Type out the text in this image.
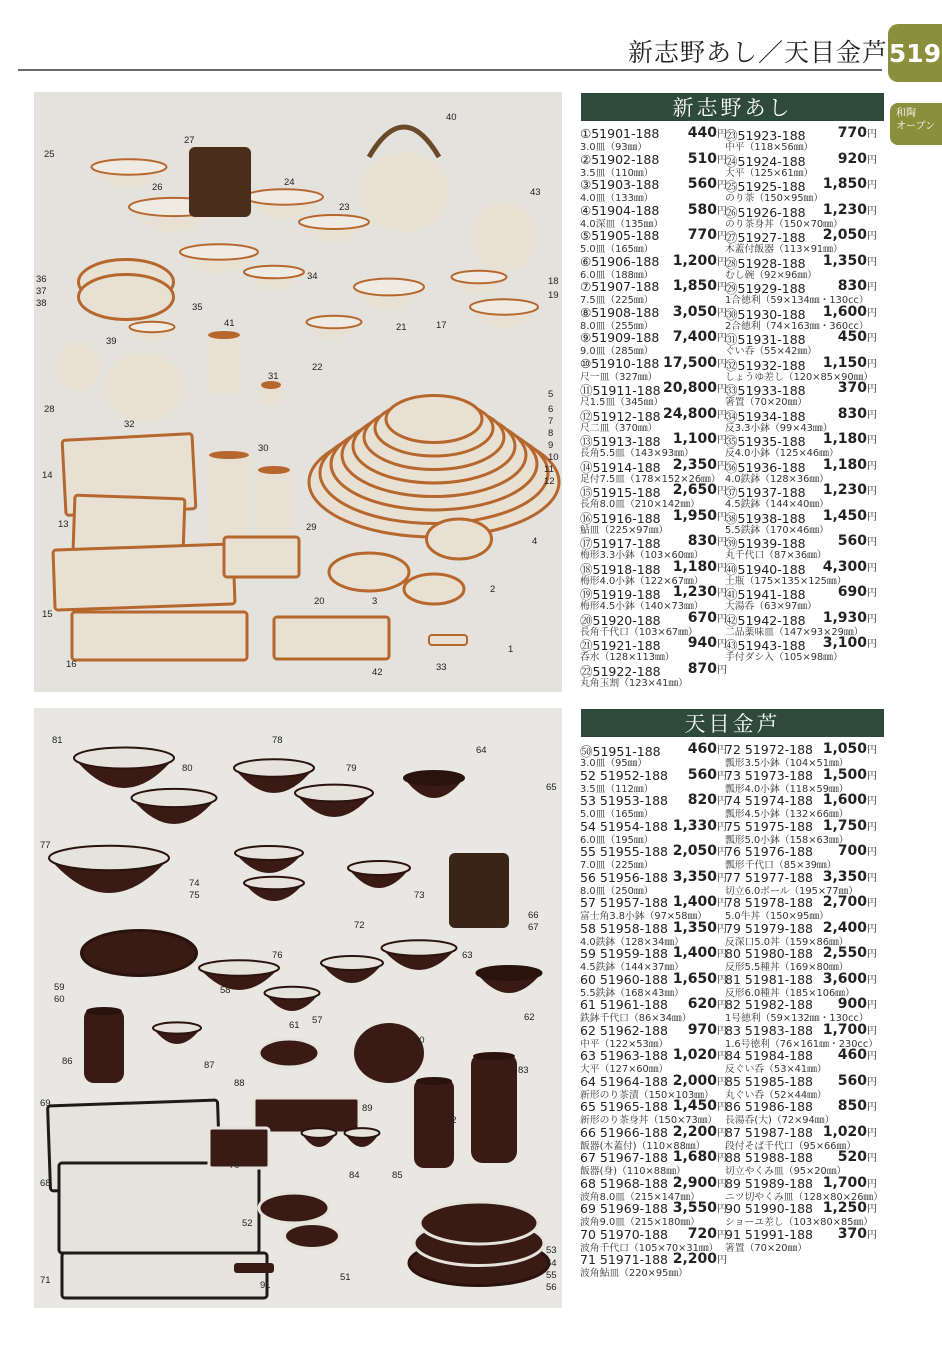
新志野あし／天目金芦 519
和陶
オーブン
1
2
3
4
5
6
7
8
9
10
11
12
13
14
15
16
17
18
19
20
21
22
23
24
25
26
27
28
29
30
31
32
33
34
35
36
37
38
39
40
41
42
43
51
52
53
54
55
56
57
58
59
60
61
62
63
64
65
66
67
68
69
70
71
72
73
74
75
76
77
78
79
80
81
82
83
84	85
86	87
88
89
90
91
新志野あし
天目金芦
①51901-188 440円
3.0皿（93㎜）
②51902-188 510円
3.5皿（110㎜）
③51903-188 560円
4.0皿（133㎜）
④51904-188 580円
4.0深皿（135㎜）
⑤51905-188 770円
5.0皿（165㎜）
⑥51906-188 1,200円
6.0皿（188㎜）
⑦51907-188 1,850円
7.5皿（225㎜）
⑧51908-188 3,050円
8.0皿（255㎜）
⑨51909-188 7,400円
9.0皿（285㎜）
⑩51910-188 17,500円
尺一皿（327㎜）
⑪51911-188 20,800円
尺1.5皿（345㎜）
⑫51912-188 24,800円
尺二皿（370㎜）
⑬51913-188 1,100円
長角5.5皿（143×93㎜）
⑭51914-188 2,350円
足付7.5皿（178×152×26㎜）
⑮51915-188 2,650円
長角8.0皿（210×142㎜）
⑯51916-188 1,950円
鮎皿（225×97㎜）
⑰51917-188 830円
梅形3.3小鉢（103×60㎜）
⑱51918-188 1,180円
梅形4.0小鉢（122×67㎜）
⑲51919-188 1,230円
梅形4.5小鉢（140×73㎜）
⑳51920-188 670円
長角千代口（103×67㎜）
㉑51921-188 940円
呑水（128×113㎜）
㉒51922-188 870円
丸角玉割（123×41㎜）
㉓51923-188 770円
中平（118×56㎜）
㉔51924-188 920円
大平（125×61㎜）
㉕51925-188 1,850円
のり茶（150×95㎜）
㉖51926-188 1,230円
のり茶身丼（150×70㎜）
㉗51927-188 2,050円
木蓋付飯器（113×91㎜）
㉘51928-188 1,350円
むし碗（92×96㎜）
㉙51929-188 830円
1合徳利（59×134㎜・130cc）
㉚51930-188 1,600円
2合徳利（74×163㎜・360cc）
㉛51931-188 450円
ぐい呑（55×42㎜）
㉜51932-188 1,150円
しょうゆ差し（120×85×90㎜）
㉝51933-188 370円
箸置（70×20㎜）
㉞51934-188 830円
反3.3小鉢（99×43㎜）
㉟51935-188 1,180円
反4.0小鉢（125×46㎜）
㊱51936-188 1,180円
4.0鉄鉢（128×36㎜）
㊲51937-188 1,230円
4.5鉄鉢（144×40㎜）
㊳51938-188 1,450円
5.5鉄鉢（170×46㎜）
㊴51939-188 560円
丸千代口（87×36㎜）
㊵51940-188 4,300円
土瓶（175×135×125㎜）
㊶51941-188 690円
大湯呑（63×97㎜）
㊷51942-188 1,930円
二品薬味皿（147×93×29㎜）
㊸51943-188 3,100円
手付ダシ入（105×98㎜）
㊿51951-188 460円
3.0皿（95㎜）
52 51952-188 560円
3.5皿（112㎜）
53 51953-188 820円
5.0皿（165㎜）
54 51954-188 1,330円
6.0皿（195㎜）
55 51955-188 2,050円
7.0皿（225㎜）
56 51956-188 3,350円
8.0皿（250㎜）
57 51957-188 1,400円
富士角3.8小鉢（97×58㎜）
58 51958-188 1,350円
4.0鉄鉢（128×34㎜）
59 51959-188 1,400円
4.5鉄鉢（144×37㎜）
60 51960-188 1,650円
5.5鉄鉢（168×43㎜）
61 51961-188 620円
鉄鉢千代口（86×34㎜）
62 51962-188 970円
中平（122×53㎜）
63 51963-188 1,020円
大平（127×60㎜）
64 51964-188 2,000円
新形のり茶漬（150×103㎜）
65 51965-188 1,450円
新形のり茶身丼（150×73㎜）
66 51966-188 2,200円
飯器(木蓋付)（110×88㎜）
67 51967-188 1,680円
飯器(身)（110×88㎜）
68 51968-188 2,900円
波角8.0皿（215×147㎜）
69 51969-188 3,550円
波角9.0皿（215×180㎜）
70 51970-188 720円
波角千代口（105×70×31㎜）
71 51971-188 2,200円
波角鮎皿（220×95㎜）
72 51972-188 1,050円
瓢形3.5小鉢（104×51㎜）
73 51973-188 1,500円
瓢形4.0小鉢（118×59㎜）
74 51974-188 1,600円
瓢形4.5小鉢（132×66㎜）
75 51975-188 1,750円
瓢形5.0小鉢（158×63㎜）
76 51976-188 700円
瓢形千代口（85×39㎜）
77 51977-188 3,350円
切立6.0ボール（195×77㎜）
78 51978-188 2,700円
5.0牛丼（150×95㎜）
79 51979-188 2,400円
反深口5.0丼（159×86㎜）
80 51980-188 2,550円
反形5.5種丼（169×80㎜）
81 51981-188 3,600円
反形6.0種丼（185×106㎜）
82 51982-188 900円
1号徳利（59×132㎜・130cc）
83 51983-188 1,700円
1.6号徳利（76×161㎜・230cc）
84 51984-188 460円
反ぐい呑（53×41㎜）
85 51985-188 560円
丸ぐい呑（52×44㎜）
86 51986-188 850円
長湯呑(大)（72×94㎜）
87 51987-188 1,020円
段付そば千代口（95×66㎜）
88 51988-188 520円
切立やくみ皿（95×20㎜）
89 51989-188 1,700円
ニツ切やくみ皿（128×80×26㎜）
90 51990-188 1,250円
ショーユ差し（103×80×85㎜）
91 51991-188 370円
箸置（70×20㎜）
